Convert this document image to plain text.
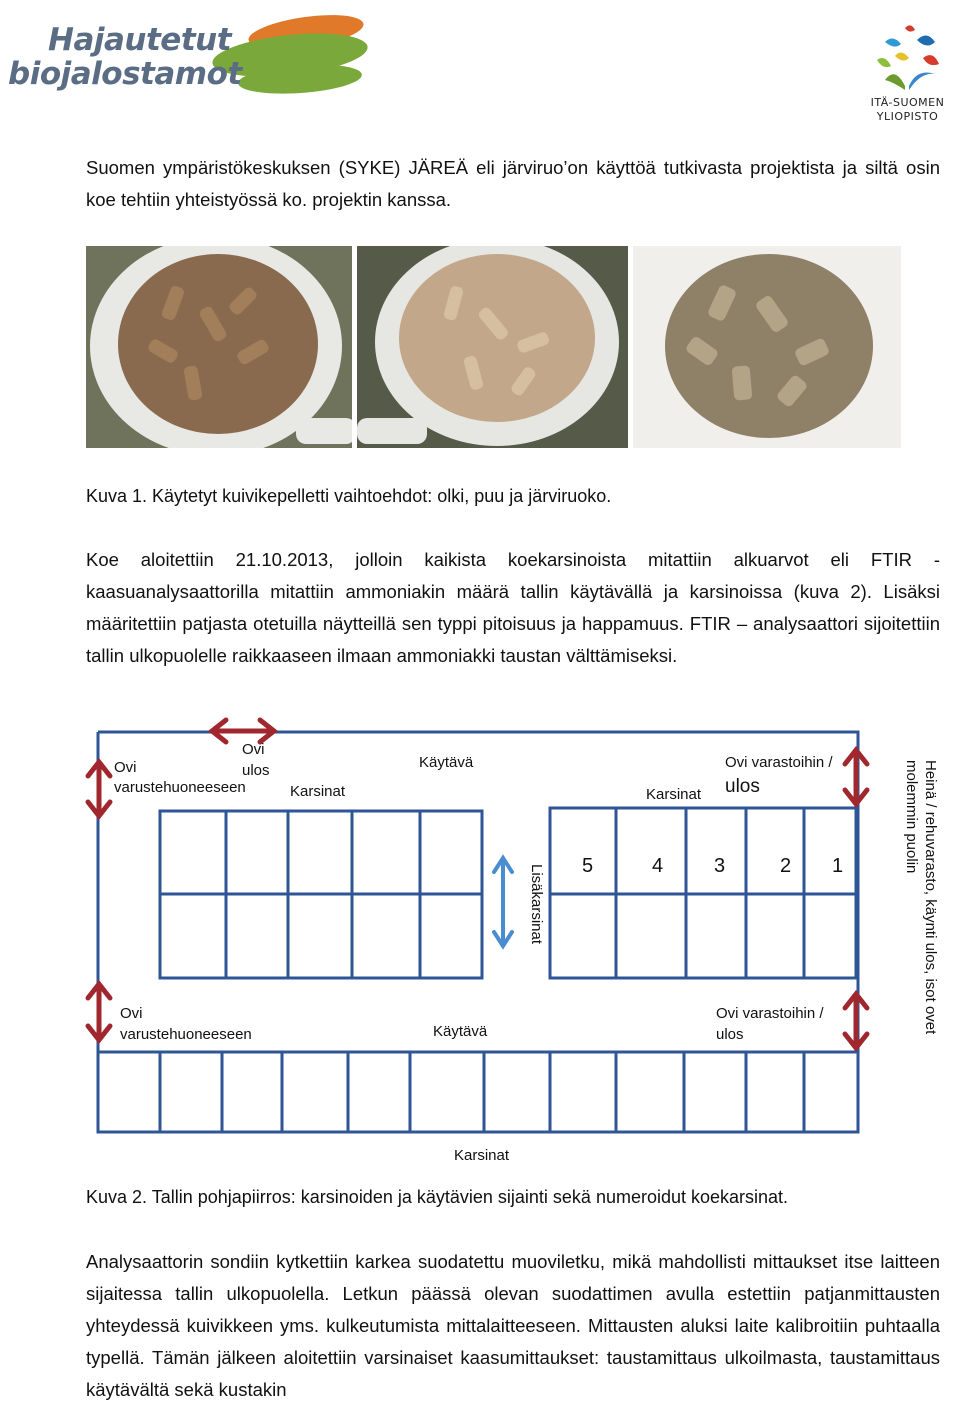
Hajautetut
biojalostamot
ITÄ-SUOMEN
YLIOPISTO

Suomen ympäristökeskuksen (SYKE) JÄREÄ eli järviruo’on käyttöä tutkivasta projektista ja siltä osin koe tehtiin yhteistyössä ko. projektin kanssa.

Kuva 1. Käytetyt kuivikepelletti vaihtoehdot: olki, puu ja järviruoko.

Koe aloitettiin 21.10.2013, jolloin kaikista koekarsinoista mitattiin alkuarvot eli FTIR -kaasuanalysaattorilla mitattiin ammoniakin määrä tallin käytävällä ja karsinoissa (kuva 2). Lisäksi määritettiin patjasta otetuilla näytteillä sen typpi pitoisuus ja happamuus. FTIR – analysaattori sijoitettiin tallin ulkopuolelle raikkaaseen ilmaan ammoniakki taustan välttämiseksi.

Ovi
varustehuoneeseen
Ovi
ulos
Karsinat
Käytävä
Karsinat
Ovi varastoihin /
ulos
Lisäkarsinat 5	4	3	2 1	Heinä / rehuvarasto, käynti ulos, isot ovet
molemmin puolin
Ovi
varustehuoneeseen	Käytävä
Ovi varastoihin /
ulos
Karsinat

Kuva 2. Tallin pohjapiirros: karsinoiden ja käytävien sijainti sekä numeroidut koekarsinat.

Analysaattorin sondiin kytkettiin karkea suodatettu muoviletku, mikä mahdollisti mittaukset itse laitteen sijaitessa tallin ulkopuolella. Letkun päässä olevan suodattimen avulla estettiin patjanmittausten yhteydessä kuivikkeen yms. kulkeutumista mittalaitteeseen. Mittausten aluksi laite kalibroitiin puhtaalla typellä. Tämän jälkeen aloitettiin varsinaiset kaasumittaukset: taustamittaus ulkoilmasta, taustamittaus käytävältä sekä kustakin
